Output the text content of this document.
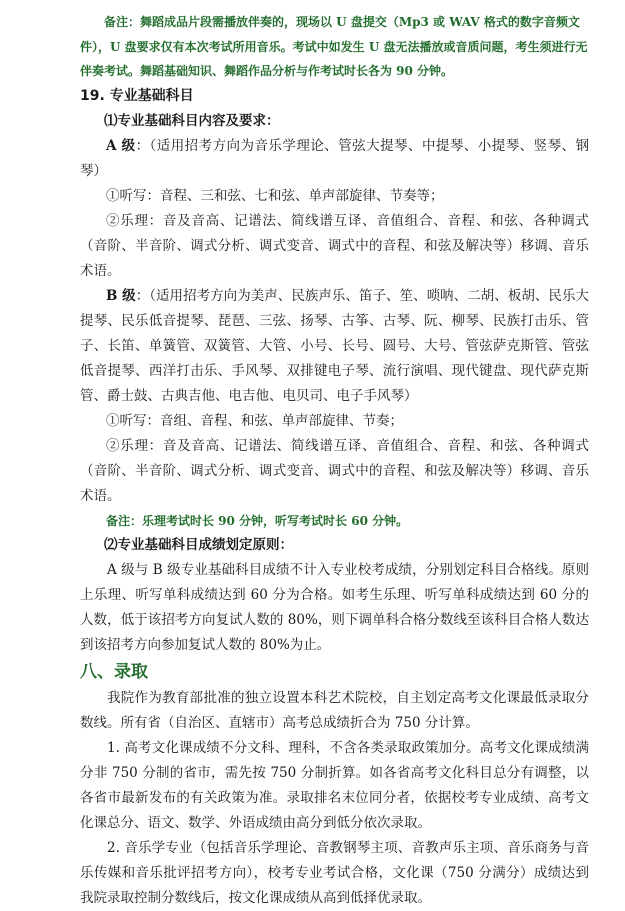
备注：舞蹈成品片段需播放伴奏的，现场以 U 盘提交（Mp3 或 WAV 格式的数字音频文件），U 盘要求仅有本次考试所用音乐。考试中如发生 U 盘无法播放或音质问题，考生须进行无伴奏考试。舞蹈基础知识、舞蹈作品分析与作考试时长各为 90 分钟。

19. 专业基础科目

⑴专业基础科目内容及要求：

A 级：（适用招考方向为音乐学理论、管弦大提琴、中提琴、小提琴、竖琴、钢琴）

①听写：音程、三和弦、七和弦、单声部旋律、节奏等；

②乐理：音及音高、记谱法、简线谱互译、音值组合、音程、和弦、各种调式（音阶、半音阶、调式分析、调式变音、调式中的音程、和弦及解决等）移调、音乐术语。

B 级：（适用招考方向为美声、民族声乐、笛子、笙、唢呐、二胡、板胡、民乐大提琴、民乐低音提琴、琵琶、三弦、扬琴、古筝、古琴、阮、柳琴、民族打击乐、管子、长笛、单簧管、双簧管、大管、小号、长号、圆号、大号、管弦萨克斯管、管弦低音提琴、西洋打击乐、手风琴、双排键电子琴、流行演唱、现代键盘、现代萨克斯管、爵士鼓、古典吉他、电吉他、电贝司、电子手风琴）

①听写：音组、音程、和弦、单声部旋律、节奏；

②乐理：音及音高、记谱法、简线谱互译、音值组合、音程、和弦、各种调式（音阶、半音阶、调式分析、调式变音、调式中的音程、和弦及解决等）移调、音乐术语。

备注：乐理考试时长 90 分钟，听写考试时长 60 分钟。

⑵专业基础科目成绩划定原则：

A 级与 B 级专业基础科目成绩不计入专业校考成绩，分别划定科目合格线。原则上乐理、听写单科成绩达到 60 分为合格。如考生乐理、听写单科成绩达到 60 分的人数，低于该招考方向复试人数的 80%，则下调单科合格分数线至该科目合格人数达到该招考方向参加复试人数的 80%为止。

八、录取

我院作为教育部批准的独立设置本科艺术院校，自主划定高考文化课最低录取分数线。所有省（自治区、直辖市）高考总成绩折合为 750 分计算。

1. 高考文化课成绩不分文科、理科，不含各类录取政策加分。高考文化课成绩满分非 750 分制的省市，需先按 750 分制折算。如各省高考文化科目总分有调整，以各省市最新发布的有关政策为准。录取排名末位同分者，依据校考专业成绩、高考文化课总分、语文、数学、外语成绩由高分到低分依次录取。

2. 音乐学专业（包括音乐学理论、音教钢琴主项、音教声乐主项、音乐商务与音乐传媒和音乐批评招考方向），校考专业考试合格，文化课（750 分满分）成绩达到我院录取控制分数线后，按文化课成绩从高到低择优录取。
